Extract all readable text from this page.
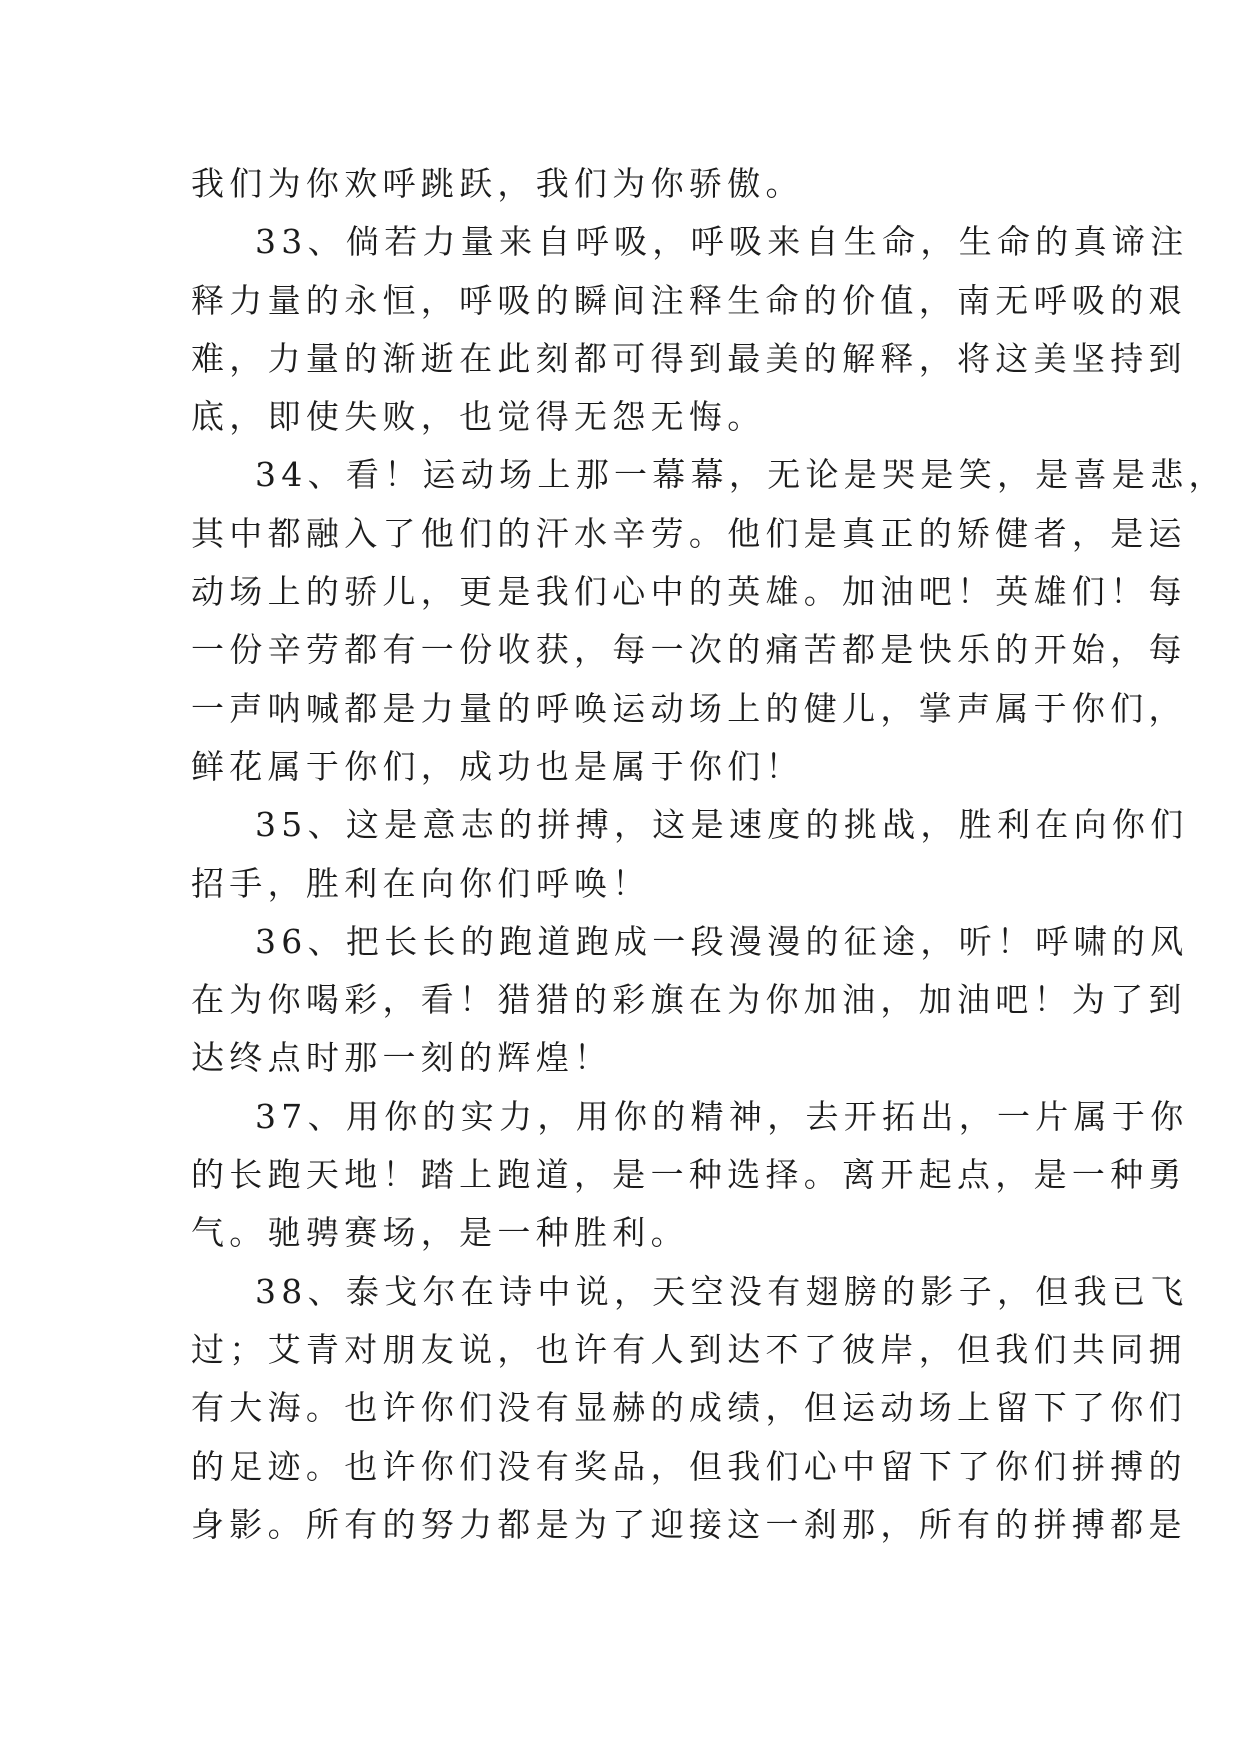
我们为你欢呼跳跃，我们为你骄傲。
33、倘若力量来自呼吸，呼吸来自生命，生命的真谛注
释力量的永恒，呼吸的瞬间注释生命的价值，南无呼吸的艰
难，力量的渐逝在此刻都可得到最美的解释，将这美坚持到
底，即使失败，也觉得无怨无悔。
34、看！运动场上那一幕幕，无论是哭是笑，是喜是悲，
其中都融入了他们的汗水辛劳。他们是真正的矫健者，是运
动场上的骄儿，更是我们心中的英雄。加油吧！英雄们！每
一份辛劳都有一份收获，每一次的痛苦都是快乐的开始，每
一声呐喊都是力量的呼唤运动场上的健儿，掌声属于你们，
鲜花属于你们，成功也是属于你们！
35、这是意志的拼搏，这是速度的挑战，胜利在向你们
招手，胜利在向你们呼唤！
36、把长长的跑道跑成一段漫漫的征途，听！呼啸的风
在为你喝彩，看！猎猎的彩旗在为你加油，加油吧！为了到
达终点时那一刻的辉煌！
37、用你的实力，用你的精神，去开拓出，一片属于你
的长跑天地！踏上跑道，是一种选择。离开起点，是一种勇
气。驰骋赛场，是一种胜利。
38、泰戈尔在诗中说，天空没有翅膀的影子，但我已飞
过；艾青对朋友说，也许有人到达不了彼岸，但我们共同拥
有大海。也许你们没有显赫的成绩，但运动场上留下了你们
的足迹。也许你们没有奖品，但我们心中留下了你们拼搏的
身影。所有的努力都是为了迎接这一刹那，所有的拼搏都是
